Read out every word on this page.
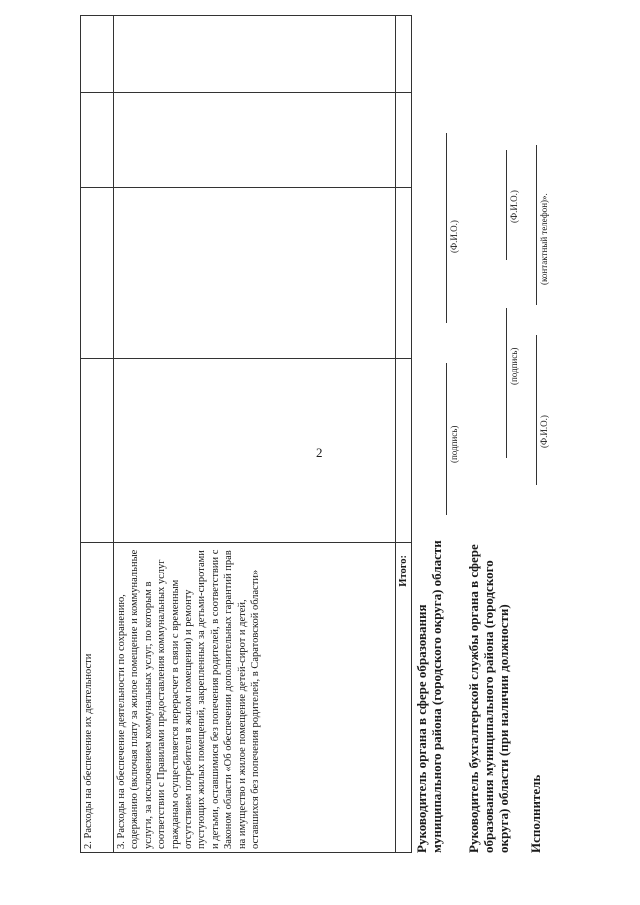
2
2. Расходы на обеспечение их деятельности				
3. Расходы на обеспечение деятельности по сохранению, содержанию (включая плату за жилое помещение и коммунальные услуги, за исключением коммунальных услуг, по которым в соответствии с Правилами предоставления коммунальных услуг гражданам осуществляется перерасчет в связи с временным отсутствием потребителя в жилом помещении) и ремонту пустующих жилых помещений, закрепленных за детьми-сиротами и детьми, оставшимися без попечения родителей, в соответствии с Законом области «Об обеспечении дополнительных гарантий прав на имущество и жилое помещение детей-сирот и детей, оставшихся без попечения родителей, в Саратовской области»				
Итого:				
Руководитель органа в сфере образования муниципального района (городского округа) области
(подпись)
(Ф.И.О.)
Руководитель бухгалтерской службы органа в сфере образования муниципального района (городского округа) области (при наличии должности)
(подпись)
(Ф.И.О.)
Исполнитель
(Ф.И.О.)
(контактный телефон)».
